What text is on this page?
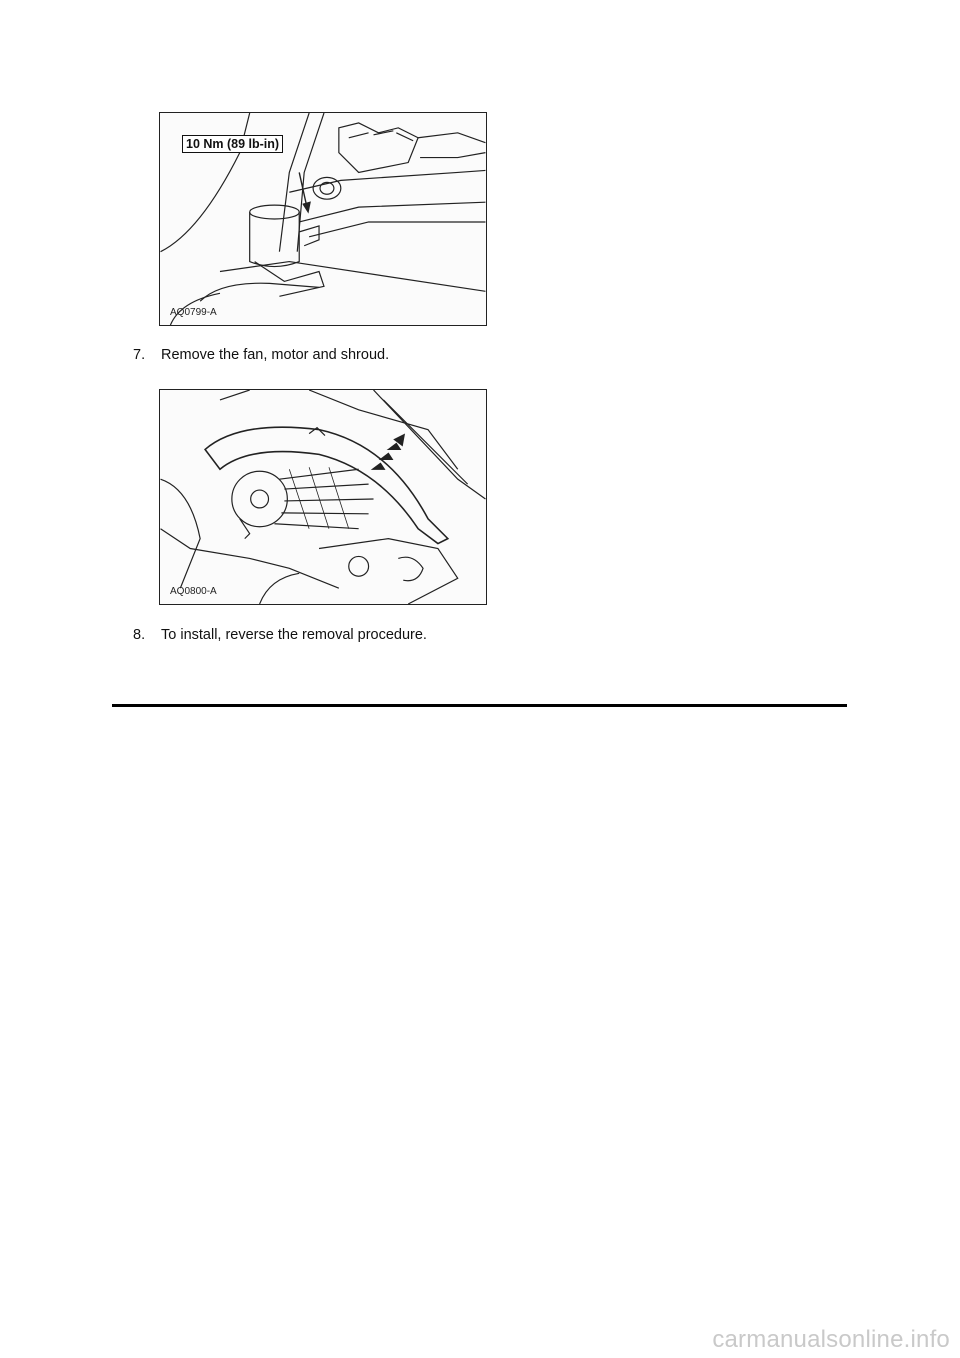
10 Nm (89 lb-in)
AQ0799-A
7.	Remove the fan, motor and shroud.
AQ0800-A
8.	To install, reverse the removal procedure.
carmanualsonline.info
